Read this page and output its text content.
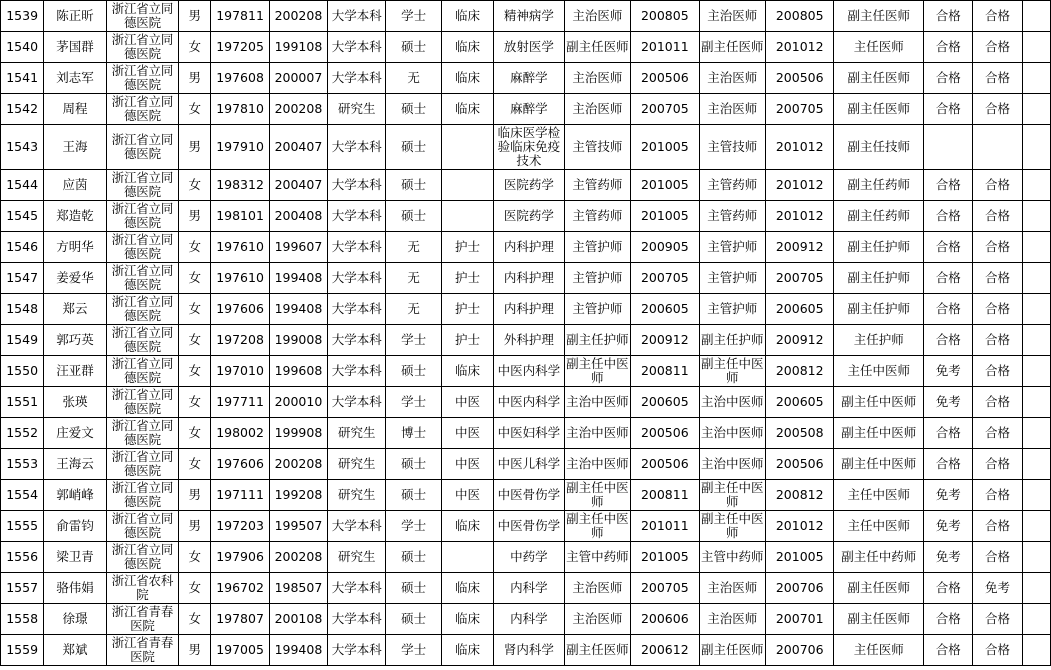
1539	陈正昕	浙江省立同德医院	男	197811	200208	大学本科	学士	临床	精神病学	主治医师	200805	主治医师	200805	副主任医师	合格	合格	
1540	茅国群	浙江省立同德医院	女	197205	199108	大学本科	硕士	临床	放射医学	副主任医师	201011	副主任医师	201012	主任医师	合格	合格	
1541	刘志军	浙江省立同德医院	男	197608	200007	大学本科	无	临床	麻醉学	主治医师	200506	主治医师	200506	副主任医师	合格	合格	
1542	周程	浙江省立同德医院	女	197810	200208	研究生	硕士	临床	麻醉学	主治医师	200705	主治医师	200705	副主任医师	合格	合格	
1543	王海	浙江省立同德医院	男	197910	200407	大学本科	硕士		临床医学检验临床免疫技术	主管技师	201005	主管技师	201012	副主任技师			
1544	应茵	浙江省立同德医院	女	198312	200407	大学本科	硕士		医院药学	主管药师	201005	主管药师	201012	副主任药师	合格	合格	
1545	郑造乾	浙江省立同德医院	男	198101	200408	大学本科	硕士		医院药学	主管药师	201005	主管药师	201012	副主任药师	合格	合格	
1546	方明华	浙江省立同德医院	女	197610	199607	大学本科	无	护士	内科护理	主管护师	200905	主管护师	200912	副主任护师	合格	合格	
1547	姜爱华	浙江省立同德医院	女	197610	199408	大学本科	无	护士	内科护理	主管护师	200705	主管护师	200705	副主任护师	合格	合格	
1548	郑云	浙江省立同德医院	女	197606	199408	大学本科	无	护士	内科护理	主管护师	200605	主管护师	200605	副主任护师	合格	合格	
1549	郭巧英	浙江省立同德医院	女	197208	199008	大学本科	学士	护士	外科护理	副主任护师	200912	副主任护师	200912	主任护师	合格	合格	
1550	汪亚群	浙江省立同德医院	女	197010	199608	大学本科	硕士	临床	中医内科学	副主任中医师	200811	副主任中医师	200812	主任中医师	免考	合格	
1551	张瑛	浙江省立同德医院	女	197711	200010	大学本科	学士	中医	中医内科学	主治中医师	200605	主治中医师	200605	副主任中医师	免考	合格	
1552	庄爱文	浙江省立同德医院	女	198002	199908	研究生	博士	中医	中医妇科学	主治中医师	200506	主治中医师	200508	副主任中医师	合格	合格	
1553	王海云	浙江省立同德医院	女	197606	200208	研究生	硕士	中医	中医儿科学	主治中医师	200506	主治中医师	200506	副主任中医师	合格	合格	
1554	郭峭峰	浙江省立同德医院	男	197111	199208	研究生	硕士	中医	中医骨伤学	副主任中医师	200811	副主任中医师	200812	主任中医师	免考	合格	
1555	俞雷钧	浙江省立同德医院	男	197203	199507	大学本科	学士	临床	中医骨伤学	副主任中医师	201011	副主任中医师	201012	主任中医师	免考	合格	
1556	梁卫青	浙江省立同德医院	女	197906	200208	研究生	硕士		中药学	主管中药师	201005	主管中药师	201005	副主任中药师	免考	合格	
1557	骆伟娟	浙江省农科院	女	196702	198507	大学本科	硕士	临床	内科学	主治医师	200705	主治医师	200706	副主任医师	合格	免考	
1558	徐璟	浙江省青春医院	女	197807	200108	大学本科	硕士	临床	内科学	主治医师	200606	主治医师	200701	副主任医师	合格	合格	
1559	郑斌	浙江省青春医院	男	197005	199408	大学本科	学士	临床	肾内科学	副主任医师	200612	副主任医师	200706	主任医师	合格	合格	
